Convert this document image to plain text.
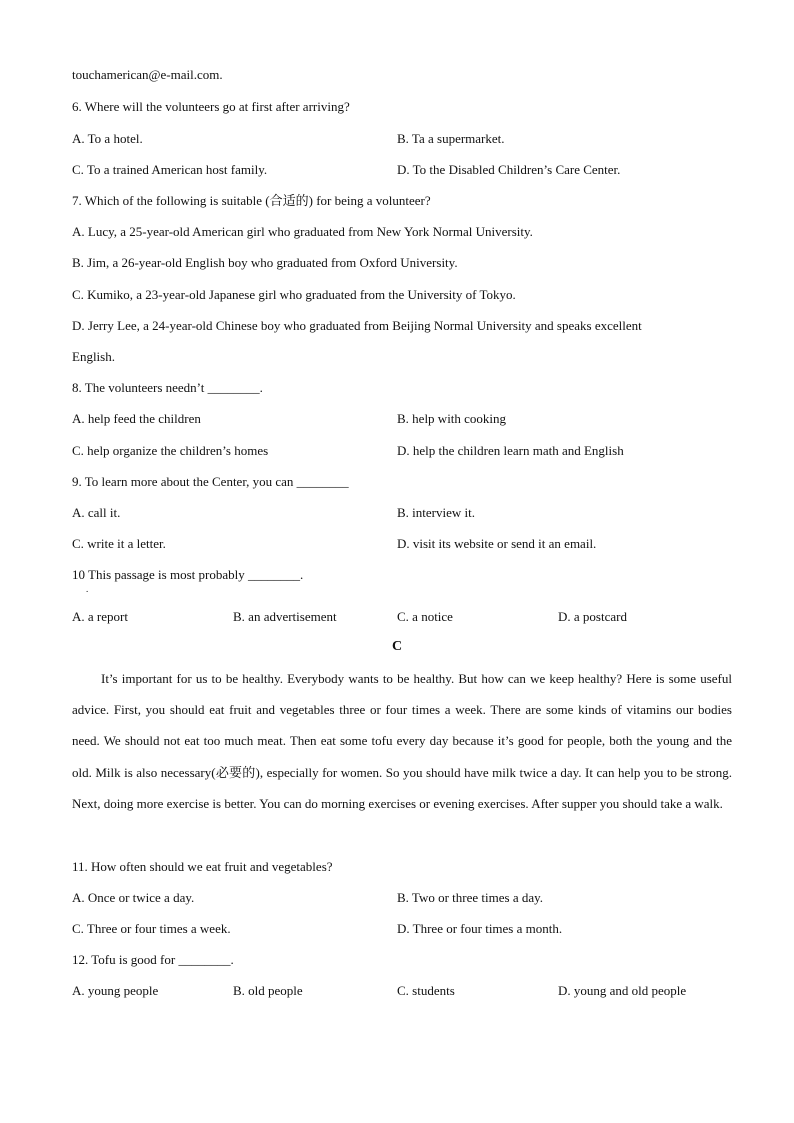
touchamerican@e-mail.com.
6. Where will the volunteers go at first after arriving?
A. To a hotel.	B. Ta a supermarket.
C. To a trained American host family.	D. To the Disabled Children’s Care Center.
7. Which of the following is suitable (合适的) for being a volunteer?
A. Lucy, a 25-year-old American girl who graduated from New York Normal University.
B. Jim, a 26-year-old English boy who graduated from Oxford University.
C. Kumiko, a 23-year-old Japanese girl who graduated from the University of Tokyo.
D. Jerry Lee, a 24-year-old Chinese boy who graduated from Beijing Normal University and speaks excellent
English.
8. The volunteers needn’t ________.
A. help feed the children	B. help with cooking
C. help organize the children’s homes	D. help the children learn math and English
9. To learn more about the Center, you can ________
A. call it.	B. interview it.
C. write it a letter.	D. visit its website or send it an email.
10 This passage is most probably ________.
.
A. a report	B. an advertisement	C. a notice	D. a postcard
C
It’s important for us to be healthy. Everybody wants to be healthy. But how can we keep healthy? Here is some useful advice. First, you should eat fruit and vegetables three or four times a week. There are some kinds of vitamins our bodies need. We should not eat too much meat. Then eat some tofu every day because it’s good for people, both the young and the old. Milk is also necessary(必要的), especially for women. So you should have milk twice a day. It can help you to be strong. Next, doing more exercise is better. You can do morning exercises or evening exercises. After supper you should take a walk.
11. How often should we eat fruit and vegetables?
A. Once or twice a day.	B. Two or three times a day.
C. Three or four times a week.	D. Three or four times a month.
12. Tofu is good for ________.
A. young people	B. old people	C. students	D. young and old people
